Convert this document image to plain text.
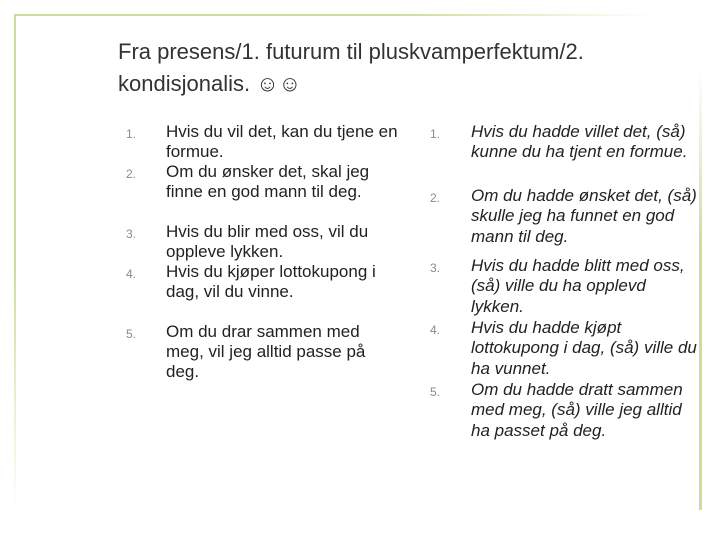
Fra presens/1. futurum til pluskvamperfektum/2. kondisjonalis. ☺☺
1. Hvis du vil det, kan du tjene en formue.
2. Om du ønsker det, skal jeg finne en god mann til deg.
3. Hvis du blir med oss, vil du oppleve lykken.
4. Hvis du kjøper lottokupong i dag, vil du vinne.
5. Om du drar sammen med meg, vil jeg alltid passe på deg.
1. Hvis du hadde villet det, (så) kunne du ha tjent en formue.
2. Om du hadde ønsket det, (så) skulle jeg ha funnet en god mann til deg.
3. Hvis du hadde blitt med oss, (så) ville du ha opplevd lykken.
4. Hvis du hadde kjøpt lottokupong i dag, (så) ville du ha vunnet.
5. Om du hadde dratt sammen med meg, (så) ville jeg alltid ha passet på deg.
